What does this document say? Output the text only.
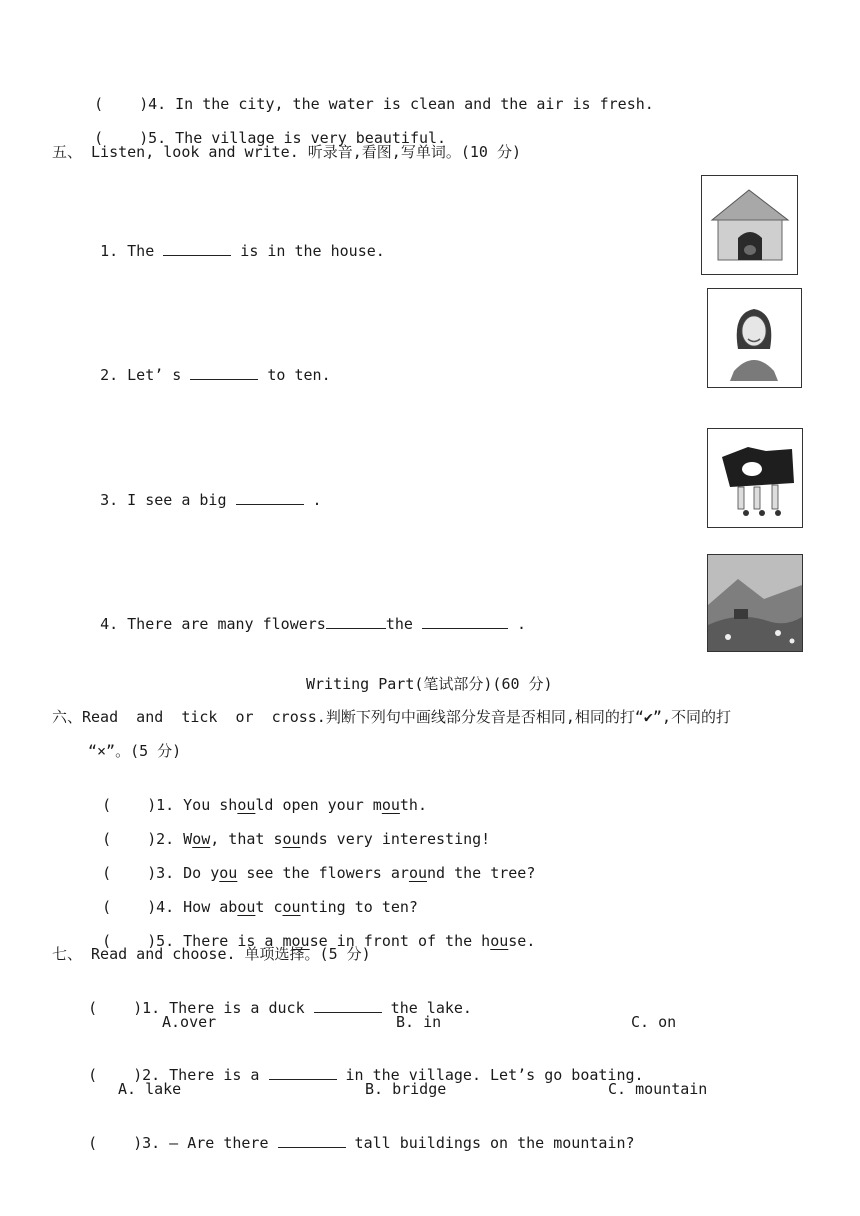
(    )4. In the city, the water is clean and the air is fresh.

(    )5. The village is very beautiful.

五、 Listen, look and write. 听录音,看图,写单词。(10 分)

1. The	is in the house.

2. Let’ s	to ten.

3. I see a big	.

4. There are many flowers	the	.

Writing Part(笔试部分)(60 分)
六、Read  and  tick  or  cross.判断下列句中画线部分发音是否相同,相同的打“✔”,不同的打
“×”。(5 分)

(    )1. You should open your mouth.

(    )2. Wow, that sounds very interesting!

(    )3. Do you see the flowers around the tree?

(    )4. How about counting to ten?

(    )5. There is a mouse in front of the house.

七、 Read and choose. 单项选择。(5 分)

(    )1. There is a duck	the lake.

A.over	B. in	C. on

(    )2. There is a	in the village. Let’s go boating.

A. lake	B. bridge	C. mountain

(    )3. — Are there	tall buildings on the mountain?
